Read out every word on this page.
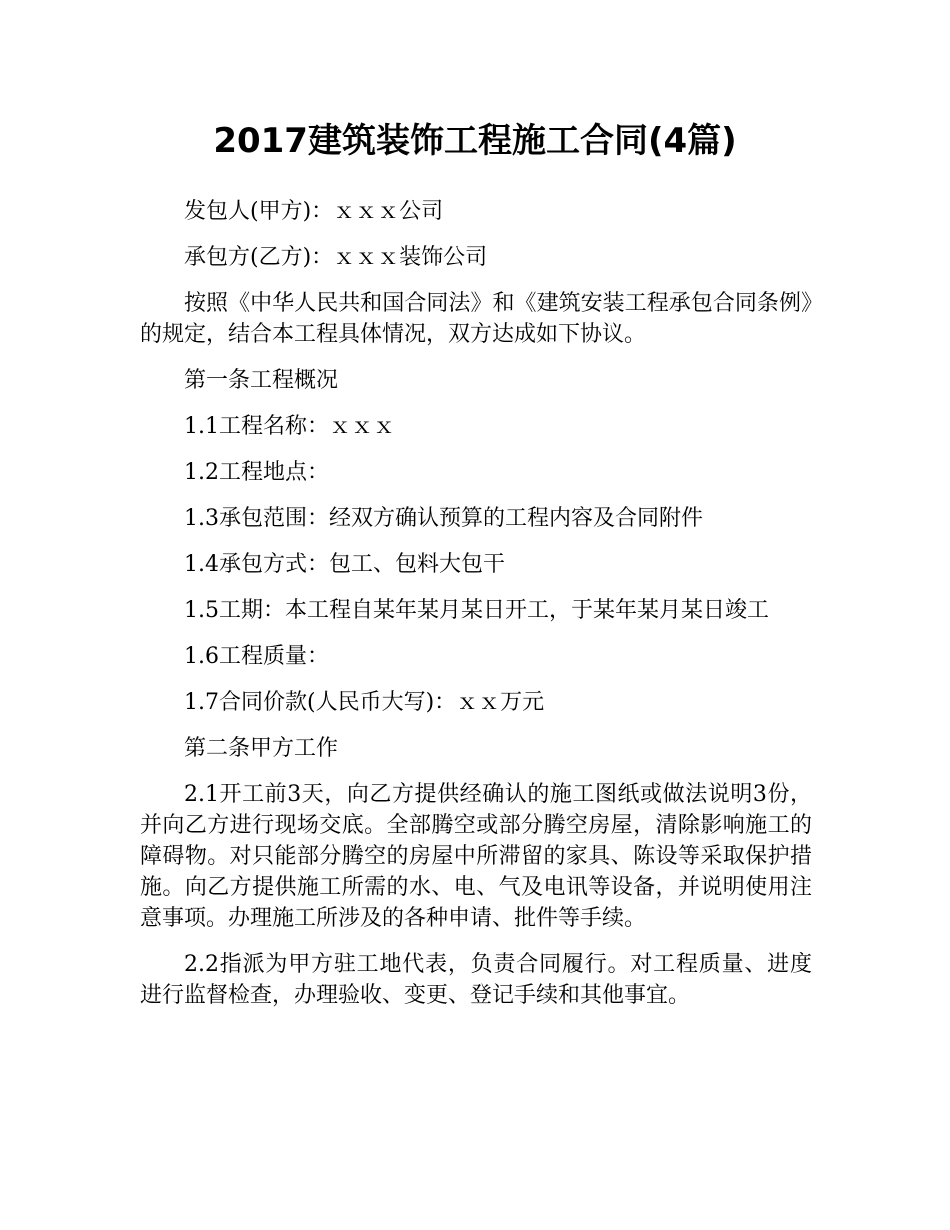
2017建筑装饰工程施工合同(4篇)

发包人(甲方)：ｘｘｘ公司

承包方(乙方)：ｘｘｘ装饰公司

按照《中华人民共和国合同法》和《建筑安装工程承包合同条例》的规定，结合本工程具体情况，双方达成如下协议。

第一条工程概况

1.1工程名称：ｘｘｘ

1.2工程地点：

1.3承包范围：经双方确认预算的工程内容及合同附件

1.4承包方式：包工、包料大包干

1.5工期：本工程自某年某月某日开工，于某年某月某日竣工

1.6工程质量：

1.7合同价款(人民币大写)：ｘｘ万元

第二条甲方工作

2.1开工前3天，向乙方提供经确认的施工图纸或做法说明3份，并向乙方进行现场交底。全部腾空或部分腾空房屋，清除影响施工的障碍物。对只能部分腾空的房屋中所滞留的家具、陈设等采取保护措施。向乙方提供施工所需的水、电、气及电讯等设备，并说明使用注意事项。办理施工所涉及的各种申请、批件等手续。

2.2指派为甲方驻工地代表，负责合同履行。对工程质量、进度进行监督检查，办理验收、变更、登记手续和其他事宜。
